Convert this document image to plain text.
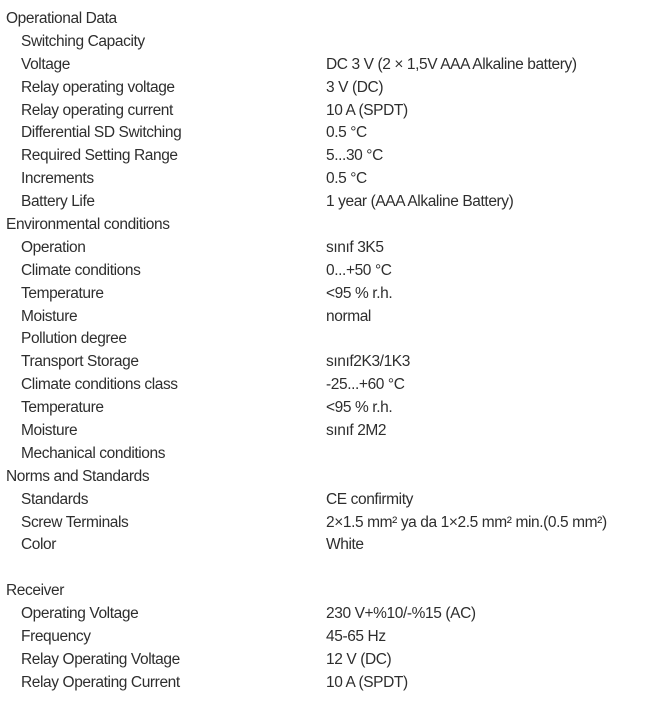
Operational Data
Switching Capacity
Voltage	DC 3 V (2 × 1,5V AAA Alkaline battery)
Relay operating voltage	3 V (DC)
Relay operating current	10 A (SPDT)
Differential SD Switching	0.5 °C
Required Setting Range	5...30 °C
Increments	0.5 °C
Battery Life	1 year (AAA Alkaline Battery)
Environmental conditions
Operation	sınıf 3K5
Climate conditions	0...+50 °C
Temperature	<95 % r.h.
Moisture	normal
Pollution degree
Transport Storage	sınıf2K3/1K3
Climate conditions class	-25...+60 °C
Temperature	<95 % r.h.
Moisture	sınıf 2M2
Mechanical conditions
Norms and Standards
Standards	CE confirmity
Screw Terminals	2×1.5 mm² ya da 1×2.5 mm² min.(0.5 mm²)
Color	White
Receiver
Operating Voltage	230 V+%10/-%15 (AC)
Frequency	45-65 Hz
Relay Operating Voltage	12 V (DC)
Relay Operating Current	10 A (SPDT)
